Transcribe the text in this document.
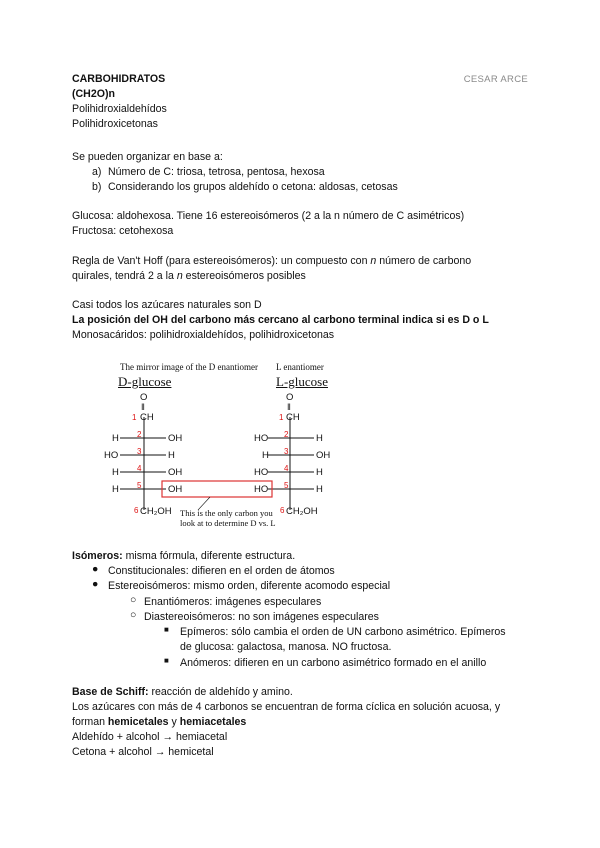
CARBOHIDRATOS	CESAR ARCE
(CH2O)n
Polihidroxialdehídos
Polihidroxicetonas
Se pueden organizar en base a:
a) Número de C: triosa, tetrosa, pentosa, hexosa
b) Considerando los grupos aldehído o cetona: aldosas, cetosas
Glucosa: aldohexosa. Tiene 16 estereoisómeros (2 a la n número de C asimétricos)
Fructosa: cetohexosa
Regla de Van't Hoff (para estereoisómeros): un compuesto con n número de carbono
quirales, tendrá 2 a la n estereoisómeros posibles
Casi todos los azúcares naturales son D
La posición del OH del carbono más cercano al carbono terminal indica si es D o L
Monosacáridos: polihidroxialdehídos, polihidroxicetonas
The mirror image of the D enantiomer L enantiomer
D-glucose	L-glucose
O
‖
1 CH
H 2	OH
HO 3	H
H 4	OH
H 5	OH
6 CH₂OH
O
‖
1 CH
HO 2	H
H 3	OH
HO 4	H
HO 5	H
6 CH₂OH
This is the only carbon you
look at to determine D vs. L
Isómeros: misma fórmula, diferente estructura.
● Constitucionales: difieren en el orden de átomos
● Estereoisómeros: mismo orden, diferente acomodo especial
○ Enantiómeros: imágenes especulares
○ Diastereoisómeros: no son imágenes especulares
■ Epímeros: sólo cambia el orden de UN carbono asimétrico. Epímeros
de glucosa: galactosa, manosa. NO fructosa.
■ Anómeros: difieren en un carbono asimétrico formado en el anillo
Base de Schiff: reacción de aldehído y amino.
Los azúcares con más de 4 carbonos se encuentran de forma cíclica en solución acuosa, y
forman hemicetales y hemiacetales
Aldehído + alcohol → hemiacetal
Cetona + alcohol → hemicetal
